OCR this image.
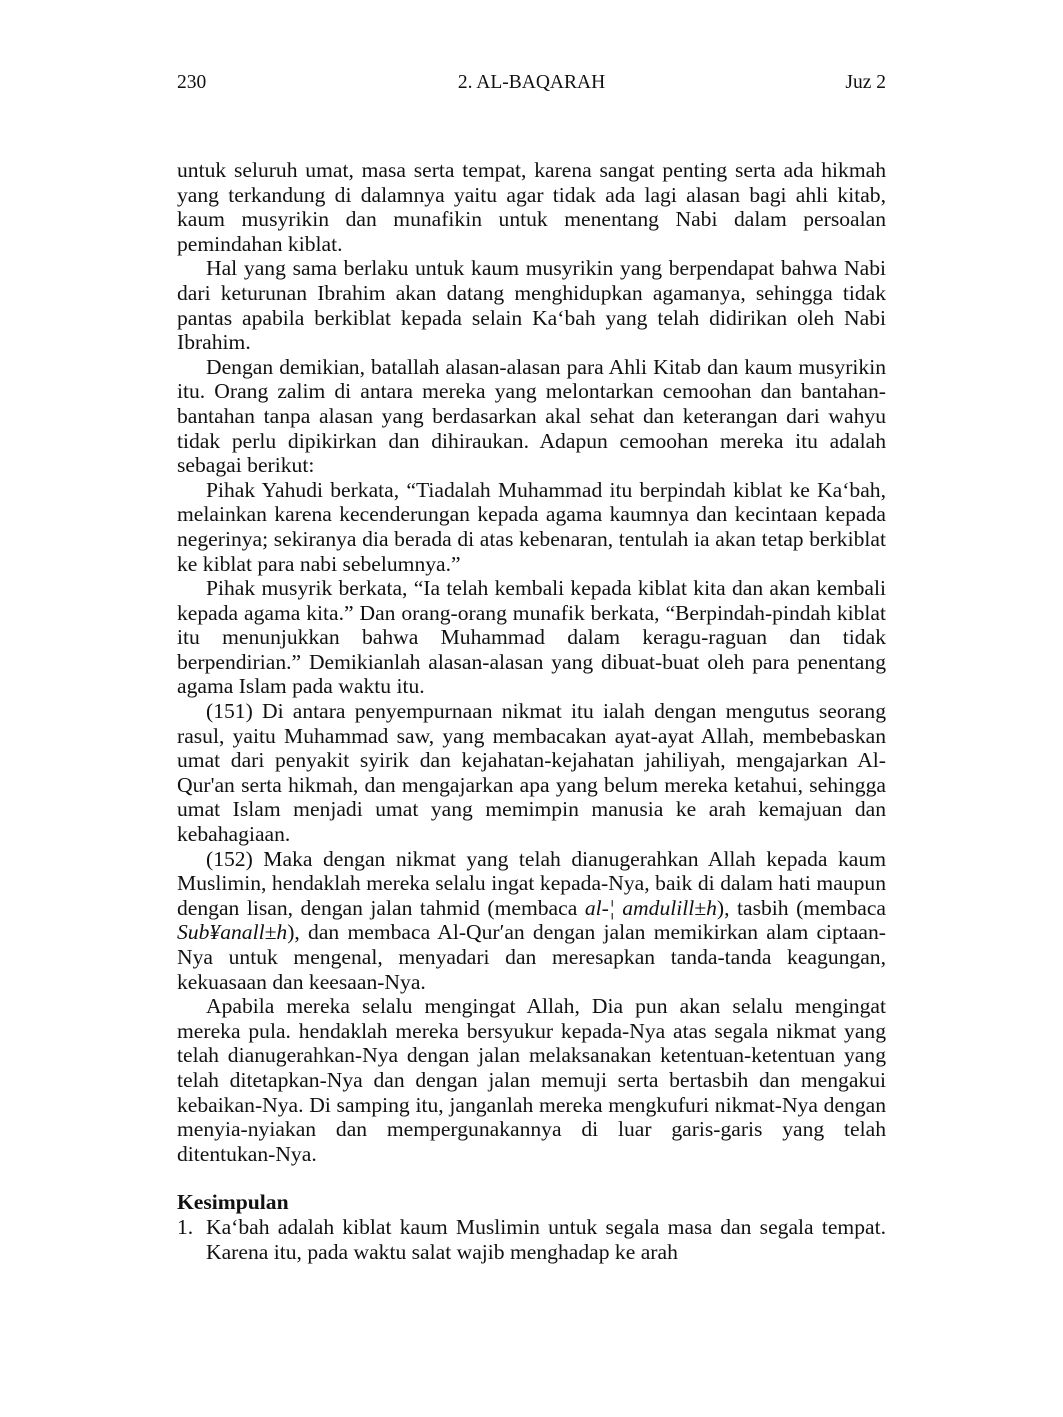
230	2. AL-BAQARAH	Juz 2

untuk seluruh umat, masa serta tempat, karena sangat penting serta ada hikmah yang terkandung di dalamnya yaitu agar tidak ada lagi alasan bagi ahli kitab, kaum musyrikin dan munafikin untuk menentang Nabi dalam persoalan pemindahan kiblat.

Hal yang sama berlaku untuk kaum musyrikin yang berpendapat bahwa Nabi dari keturunan Ibrahim akan datang menghidupkan agamanya, sehingga tidak pantas apabila berkiblat kepada selain Ka‘bah yang telah didirikan oleh Nabi Ibrahim.

Dengan demikian, batallah alasan-alasan para Ahli Kitab dan kaum musyrikin itu. Orang zalim di antara mereka yang melontarkan cemoohan dan bantahan-bantahan tanpa alasan yang berdasarkan akal sehat dan keterangan dari wahyu tidak perlu dipikirkan dan dihiraukan. Adapun cemoohan mereka itu adalah sebagai berikut:

Pihak Yahudi berkata, “Tiadalah Muhammad itu berpindah kiblat ke Ka‘bah, melainkan karena kecenderungan kepada agama kaumnya dan kecintaan kepada negerinya; sekiranya dia berada di atas kebenaran, tentulah ia akan tetap berkiblat ke kiblat para nabi sebelumnya.”

Pihak musyrik berkata, “Ia telah kembali kepada kiblat kita dan akan kembali kepada agama kita.” Dan orang-orang munafik berkata, “Berpindah-pindah kiblat itu menunjukkan bahwa Muhammad dalam keragu-raguan dan tidak berpendirian.” Demikianlah alasan-alasan yang dibuat-buat oleh para penentang agama Islam pada waktu itu.

(151) Di antara penyempurnaan nikmat itu ialah dengan mengutus seorang rasul, yaitu Muhammad saw, yang membacakan ayat-ayat Allah, membebaskan umat dari penyakit syirik dan kejahatan-kejahatan jahiliyah, mengajarkan Al-Qur'an serta hikmah, dan mengajarkan apa yang belum mereka ketahui, sehingga umat Islam menjadi umat yang memimpin manusia ke arah kemajuan dan kebahagiaan.

(152) Maka dengan nikmat yang telah dianugerahkan Allah kepada kaum Muslimin, hendaklah mereka selalu ingat kepada-Nya, baik di dalam hati maupun dengan lisan, dengan jalan tahmid (membaca al-¦ amdulill±h), tasbih (membaca Sub¥anall±h), dan membaca Al-Qur′an dengan jalan memikirkan alam ciptaan-Nya untuk mengenal, menyadari dan meresapkan tanda-tanda keagungan, kekuasaan dan keesaan-Nya.

Apabila mereka selalu mengingat Allah, Dia pun akan selalu mengingat mereka pula. hendaklah mereka bersyukur kepada-Nya atas segala nikmat yang telah dianugerahkan-Nya dengan jalan melaksanakan ketentuan-ketentuan yang telah ditetapkan-Nya dan dengan jalan memuji serta bertasbih dan mengakui kebaikan-Nya. Di samping itu, janganlah mereka mengkufuri nikmat-Nya dengan menyia-nyiakan dan mempergunakannya di luar garis-garis yang telah ditentukan-Nya.

Kesimpulan

1. Ka‘bah adalah kiblat kaum Muslimin untuk segala masa dan segala tempat. Karena itu, pada waktu salat wajib menghadap ke arah
